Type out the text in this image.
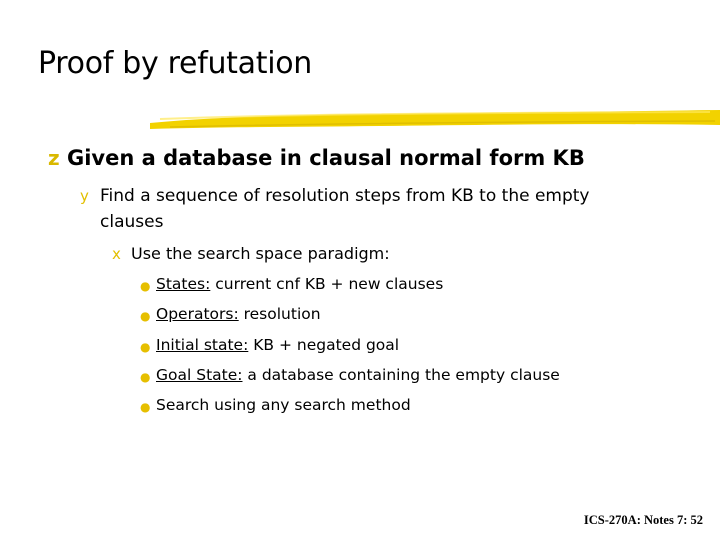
Proof by refutation
z Given a database in clausal normal form KB
y Find a sequence of resolution steps from KB to the empty
clauses
x Use the search space paradigm:
● States: current cnf KB + new clauses
● Operators: resolution
● Initial state: KB + negated goal
● Goal State: a database containing the empty clause
● Search using any search method
ICS-270A: Notes 7: 52
